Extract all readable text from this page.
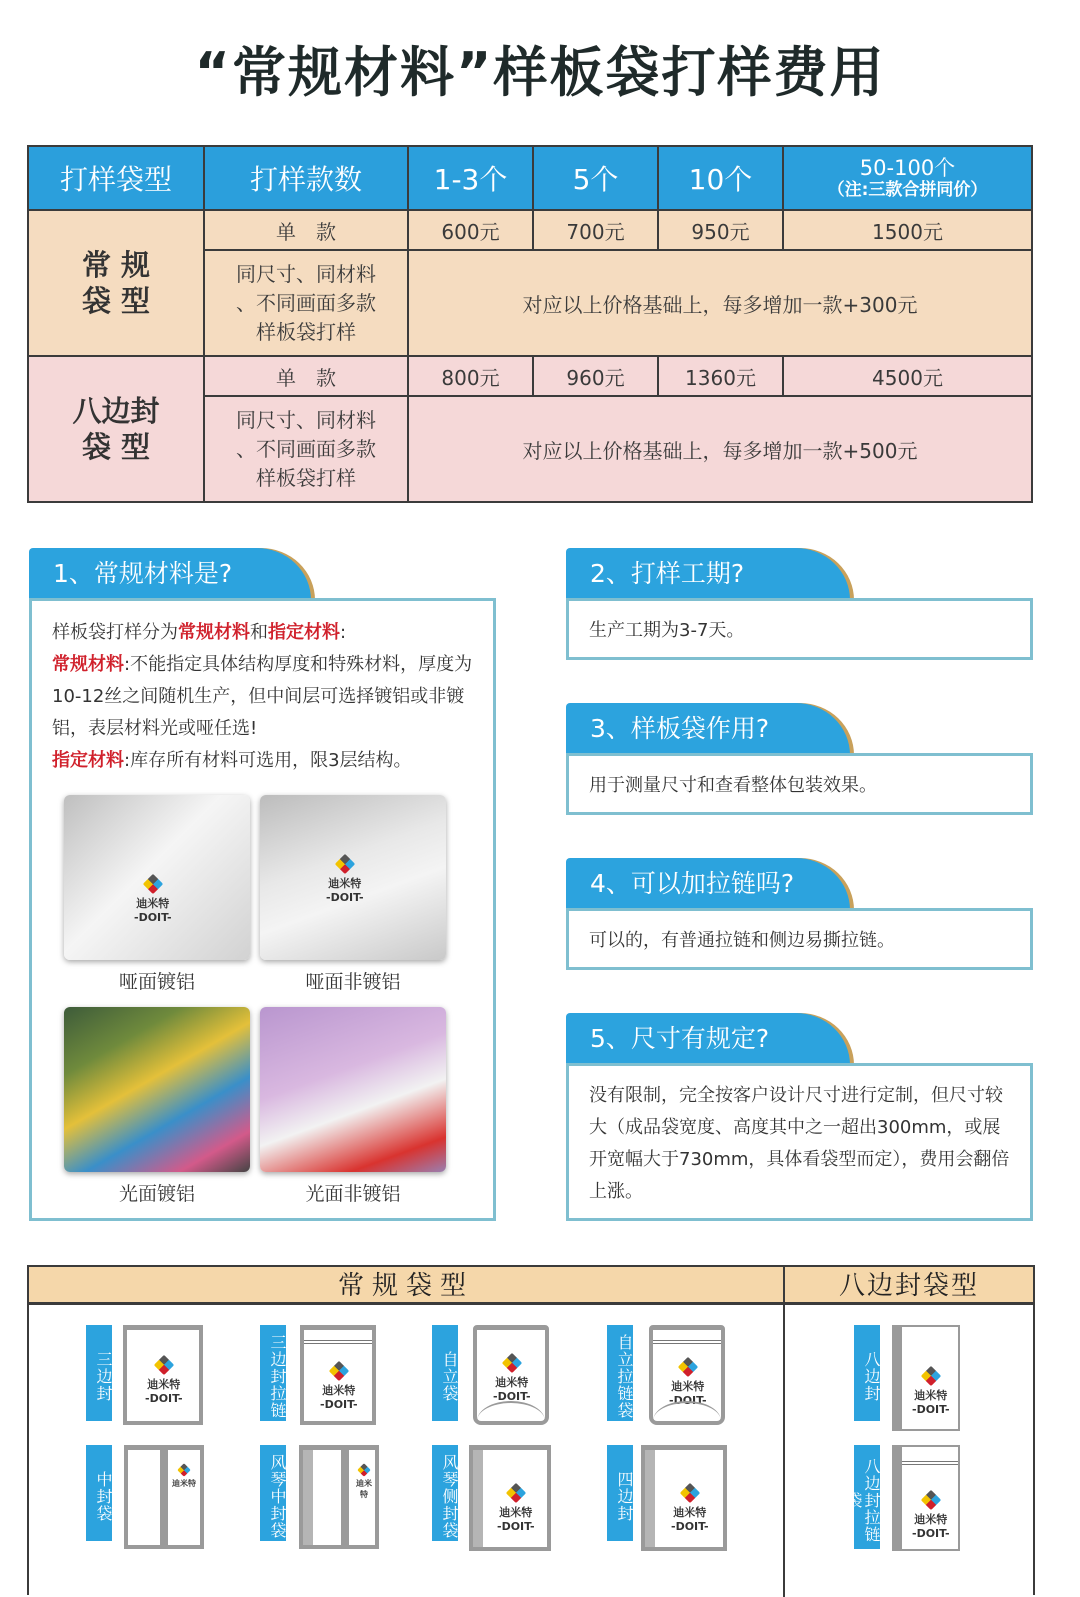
“常规材料”样板袋打样费用
打样袋型	打样款数	1-3个	5个	10个	50-100个
（注:三款合拼同价）

常 规
袋 型	单　款	600元	700元	950元	1500元

	同尺寸、同材料
、不同画面多款
样板袋打样	对应以上价格基础上，每多增加一款+300元			

八边封
袋 型	单　款	800元	960元	1360元	4500元

	同尺寸、同材料
、不同画面多款
样板袋打样	对应以上价格基础上，每多增加一款+500元			
1、常规材料是?

样板袋打样分为常规材料和指定材料:

常规材料:不能指定具体结构厚度和特殊材料，厚度为10-12丝之间随机生产，但中间层可选择镀铝或非镀铝，表层材料光或哑任选!

指定材料:库存所有材料可选用，限3层结构。

迪米特
-DOIT-
哑面镀铝
迪米特
-DOIT-
哑面非镀铝
光面镀铝	光面非镀铝
2、打样工期?

生产工期为3-7天。

3、样板袋作用?

用于测量尺寸和查看整体包装效果。

4、可以加拉链吗?

可以的，有普通拉链和侧边易撕拉链。

5、尺寸有规定?

没有限制，完全按客户设计尺寸进行定制，但尺寸较大（成品袋宽度、高度其中之一超出300mm，或展开宽幅大于730mm，具体看袋型而定），费用会翻倍上涨。

常规袋型	八边封袋型
三边封	迪米特
-DOIT-	三边封拉链	迪米特
-DOIT-
自立袋	迪米特
-DOIT-	自立拉链袋	迪米特
-DOIT-
中封袋	迪米特	风琴中封袋	迪米特	风琴侧封袋	迪米特
-DOIT-
四边封	迪米特
-DOIT-
八边封	迪米特
-DOIT-
八边封拉链袋
迪米特
-DOIT-
